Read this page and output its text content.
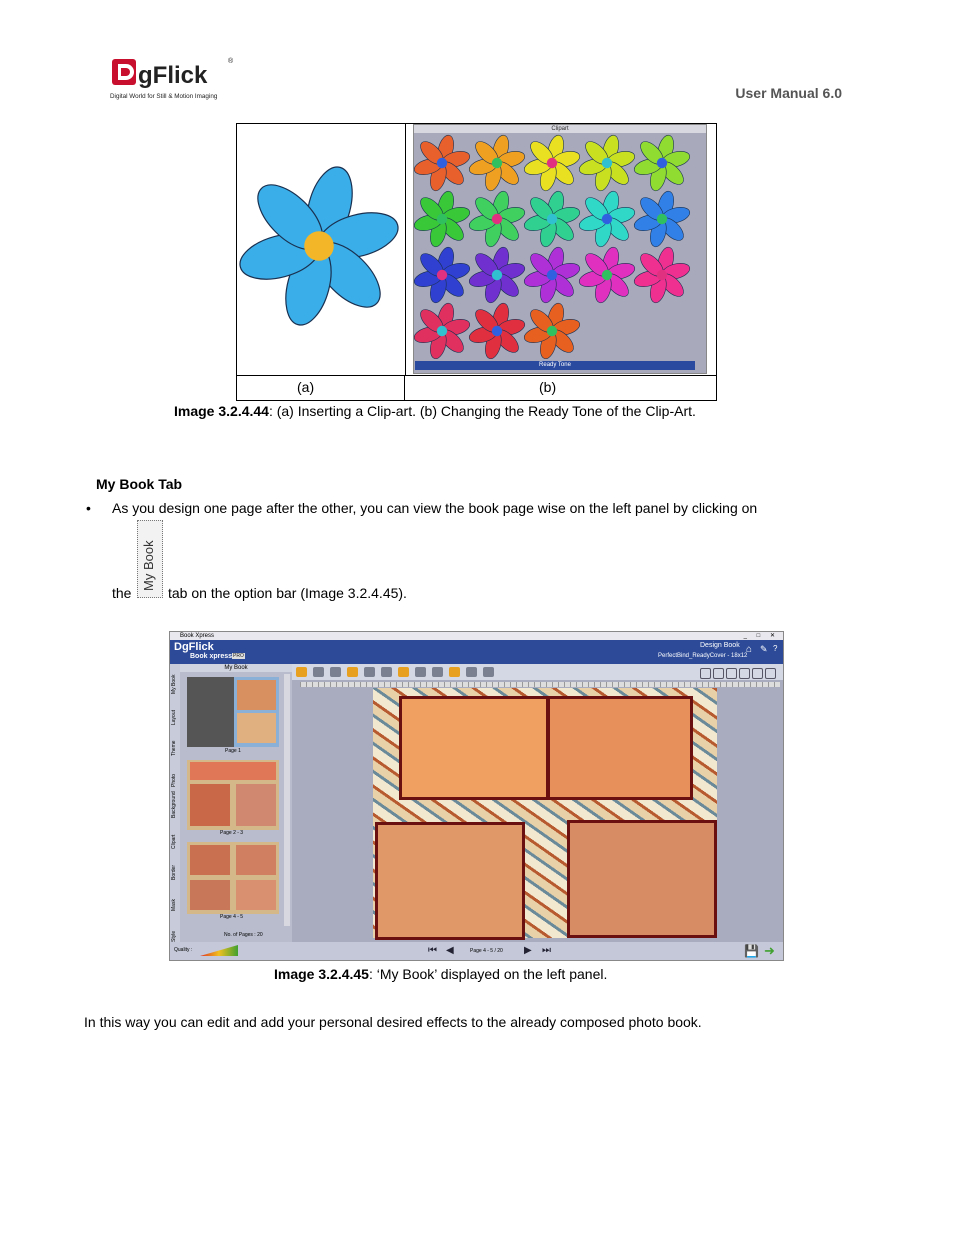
gFlick
®
Digital World for Still & Motion Imaging	User Manual 6.0
Clipart
Ready Tone
(a)	(b)
Image 3.2.4.44: (a) Inserting a Clip-art. (b) Changing the Ready Tone of the Clip-Art.
My Book Tab
• As you design one page after the other, you can view the book page wise on the left panel by clicking on
My Book
the	tab on the option bar (Image 3.2.4.45).
Book Xpress	_ □ ✕
DgFlick
Book xpress PRO
Design Book
PerfectBind_ReadyCover - 18x12
⌂ ✎ ?
My Book
Layout
Theme
Photo
Background
Clipart
Border
Mask
Style
My Book
Page 1
Page 2 - 3
Page 4 - 5
No. of Pages : 20
Quality :	⏮ ◀	Page 4 - 5 / 20 ▶ ⏭	💾 ➜
Image 3.2.4.45: ‘My Book’ displayed on the left panel.
In this way you can edit and add your personal desired effects to the already composed photo book.
